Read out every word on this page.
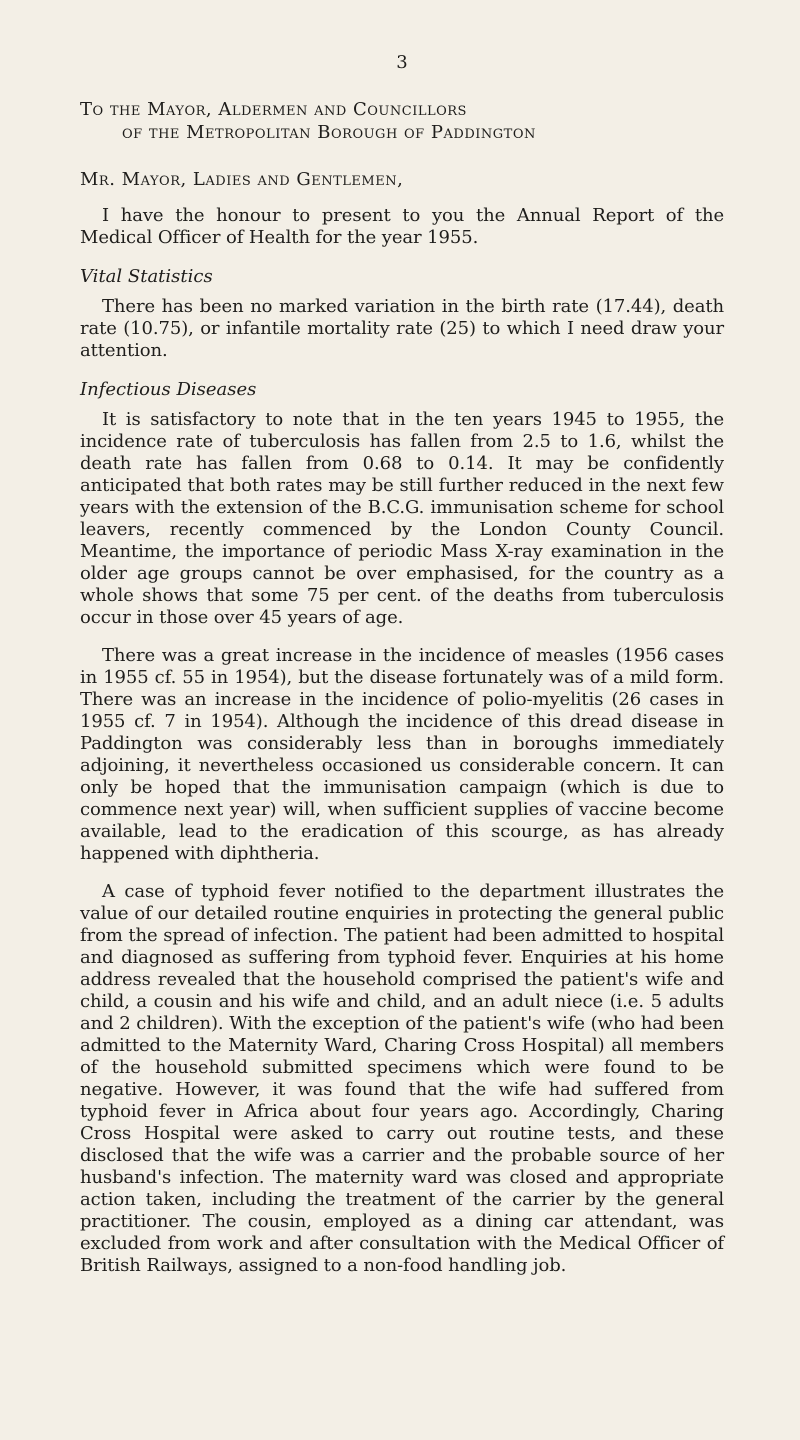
3

To the Mayor, Aldermen and Councillors
of the Metropolitan Borough of Paddington

Mr. Mayor, Ladies and Gentlemen,

I have the honour to present to you the Annual Report of the Medical Officer of Health for the year 1955.

Vital Statistics

There has been no marked variation in the birth rate (17.44), death rate (10.75), or infantile mortality rate (25) to which I need draw your attention.

Infectious Diseases

It is satisfactory to note that in the ten years 1945 to 1955, the incidence rate of tuberculosis has fallen from 2.5 to 1.6, whilst the death rate has fallen from 0.68 to 0.14. It may be confidently anticipated that both rates may be still further reduced in the next few years with the extension of the B.C.G. immunisation scheme for school leavers, recently commenced by the London County Council. Meantime, the importance of periodic Mass X-ray examination in the older age groups cannot be over emphasised, for the country as a whole shows that some 75 per cent. of the deaths from tuberculosis occur in those over 45 years of age.

There was a great increase in the incidence of measles (1956 cases in 1955 cf. 55 in 1954), but the disease fortunately was of a mild form. There was an increase in the incidence of polio-myelitis (26 cases in 1955 cf. 7 in 1954). Although the incidence of this dread disease in Paddington was considerably less than in boroughs immediately adjoining, it nevertheless occasioned us considerable concern. It can only be hoped that the immunisation campaign (which is due to commence next year) will, when sufficient supplies of vaccine become available, lead to the eradication of this scourge, as has already happened with diphtheria.

A case of typhoid fever notified to the department illustrates the value of our detailed routine enquiries in protecting the general public from the spread of infection. The patient had been admitted to hospital and diagnosed as suffering from typhoid fever. Enquiries at his home address revealed that the household comprised the patient's wife and child, a cousin and his wife and child, and an adult niece (i.e. 5 adults and 2 children). With the exception of the patient's wife (who had been admitted to the Maternity Ward, Charing Cross Hospital) all members of the household submitted specimens which were found to be negative. However, it was found that the wife had suffered from typhoid fever in Africa about four years ago. Accordingly, Charing Cross Hospital were asked to carry out routine tests, and these disclosed that the wife was a carrier and the probable source of her husband's infection. The maternity ward was closed and appropriate action taken, including the treatment of the carrier by the general practitioner. The cousin, employed as a dining car attendant, was excluded from work and after consultation with the Medical Officer of British Railways, assigned to a non-food handling job.
